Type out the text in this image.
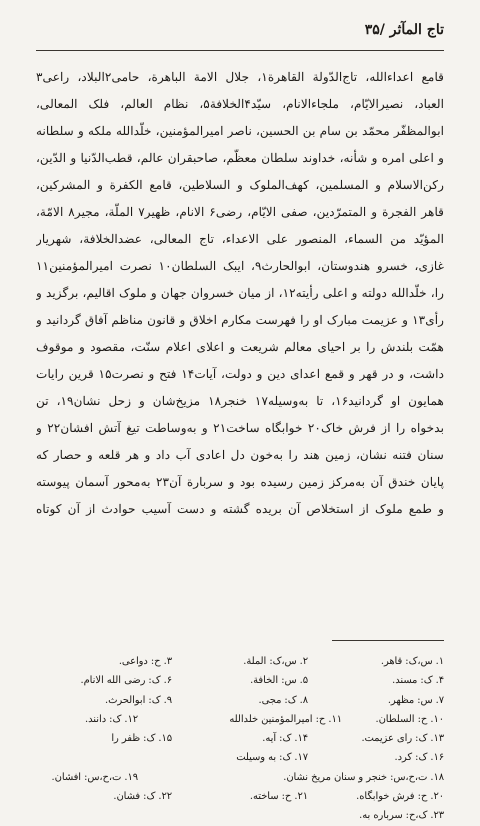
تاج المآثر /۳۵
قامع اعداءالله، تاج‌الدّولة القاهرة۱، جلال الامة الباهرة، حامی۲البلاد، راعی۳
العباد، نصیرالایّام، ملجاءالانام، سیّد۴الخلافة۵، نظام العالم، فلک المعالی،
ابوالمظفّر محمّد بن سام بن الحسین، ناصر امیرالمؤمنین، خلّدالله ملکه و سلطانه
و اعلی امره و شأنه، خداوند سلطان معظّم، صاحبقران عالم، قطب‌الدّنیا و الدّین،
رکن‌الاسلام و المسلمین، کهف‌الملوک و السلاطین، قامع الکفرة و المشرکین،
قاهر الفجرة و المتمرّدین، صفی الایّام، رضی۶ الانام، ظهیر۷ الملّة، مجیر۸ الامّة،
المؤیّد من السماء، المنصور علی الاعداء، تاج المعالی، عضدالخلافة، شهریار
غازی، خسرو هندوستان، ابوالحارث۹، ایبک السلطان۱۰ نصرت امیرالمؤمنین۱۱
را، خلّدالله دولته و اعلی رأیته۱۲، از میان خسروان جهان و ملوک اقالیم، برگزید و
رأی۱۳ و عزیمت مبارک او را فهرست مکارم اخلاق و قانون مناظم آفاق گردانید و
همّت بلندش را بر احیای معالم شریعت و اعلای اعلام سنّت، مقصود و موقوف
داشت، و در قهر و قمع اعدای دین و دولت، آیات۱۴ فتح و نصرت۱۵ قرین رایات
همایون او گردانید۱۶، تا به‌وسیله۱۷ خنجر۱۸ مزیخ‌شان و زحل نشان۱۹، تن
بدخواه را از فرش خاک۲۰ خوابگاه ساخت۲۱ و به‌وساطت تیغ آتش افشان۲۲ و
سنان فتنه نشان، زمین هند را به‌خون دل اعادی آب داد و هر قلعه و حصار که
پایان خندق آن به‌مرکز زمین رسیده بود و سربارة آن۲۳ به‌محور آسمان پیوسته
و طمع ملوک از استخلاص آن بریده گشته و دست آسیب حوادث از آن کوتاه
۱. س،ک: قاهر.
۲. س،ک: الملة.
۳. ح: دواعی.
۴. ک: مسند.
۵. س: الخافة.
۶. ک: رضی الله الانام.
۷. س: مظهر.
۸. ک: مجی.
۹. ک: ابوالحرث.
۱۰. ح: السلطان.
۱۱. ح: امیرالمؤمنین خلدالله
۱۲. ک: دانند.
۱۳. ک: رای عزیمت.
۱۴. ک: آیه.
۱۵. ک: ظفر را
۱۶. ک: کرد.
۱۷. ک: به وسیلت
۱۸. ت،ح،س: خنجر و سنان مریخ نشان.
۱۹. ت،ح،س: افشان.
۲۰. ح: فرش خوابگاه.
۲۱. ح: ساخته.
۲۲. ک: فشان.
۲۳. ک،ح: سرباره به.
